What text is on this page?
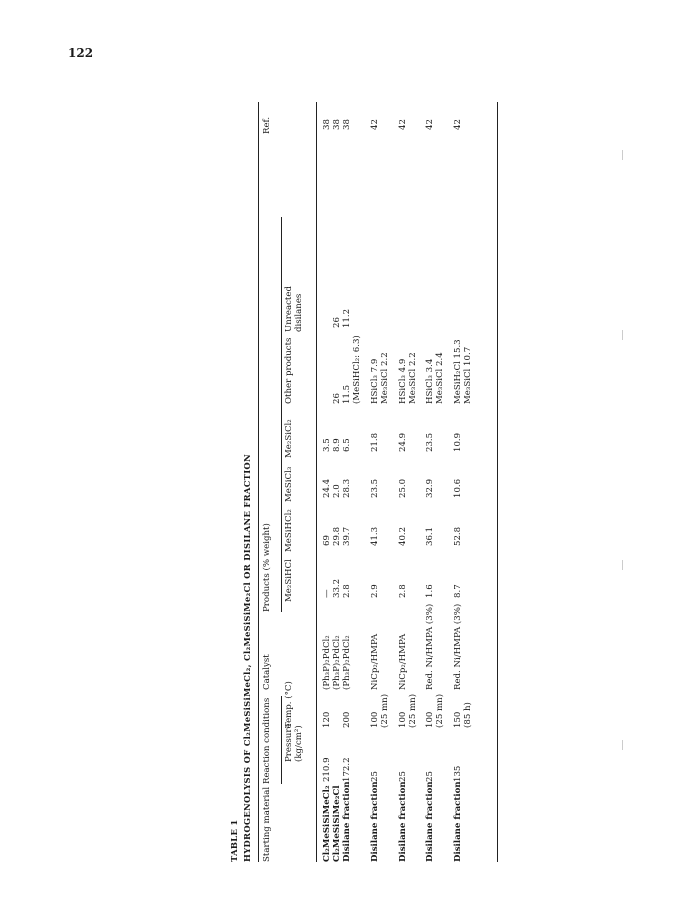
122
TABLE 1 HYDROGENOLYSIS OF Cl₂MeSiSiMeCl₂, Cl₂MeSiSiMe₂Cl OR DISILANE FRACTION Starting material
Reaction conditions
Catalyst
Products (% weight)
Ref.
Pressure (kg/cm²)
Temp. (°C)
Me₂SiHCl
MeSiHCl₂
MeSiCl₃
Me₂SiCl₂
Other products
Unreacted disilanes
Cl₂MeSiSiMeCl₂ Cl₂MeSiSiMe₂Cl Disilane fraction
210.9
172.2
120
200
(Ph₃P)₂PdCl₂ (Ph₃P)₂PdCl₂ (Ph₃P)₂PdCl₂
— 33.2 2.8
69 29.8 39.7
24.4 2.0 28.3
3.5 8.9 6.5

26 11.5 (MeSiHCl₂: 6.3)

26 11.2
38 38 38
Disilane fraction
25
100 (25 mn)
NiCp₂/HMPA
2.9
41.3
23.5
21.8
HSiCl₃ 7.9 Me₃SiCl 2.2
42
Disilane fraction
25
100 (25 mn)
NiCp₂/HMPA
2.8
40.2
25.0
24.9
HSiCl₃ 4.9 Me₃SiCl 2.2
42
Disilane fraction
25
100 (25 mn)
Red. Ni/HMPA (3%)
1.6
36.1
32.9
23.5
HSiCl₃ 3.4 Me₃SiCl 2.4
42
Disilane fraction
135
150 (85 h)
Red. Ni/HMPA (3%)
8.7
52.8
10.6
10.9
MeSiH₂Cl 15.3 Me₃SiCl 10.7
42
